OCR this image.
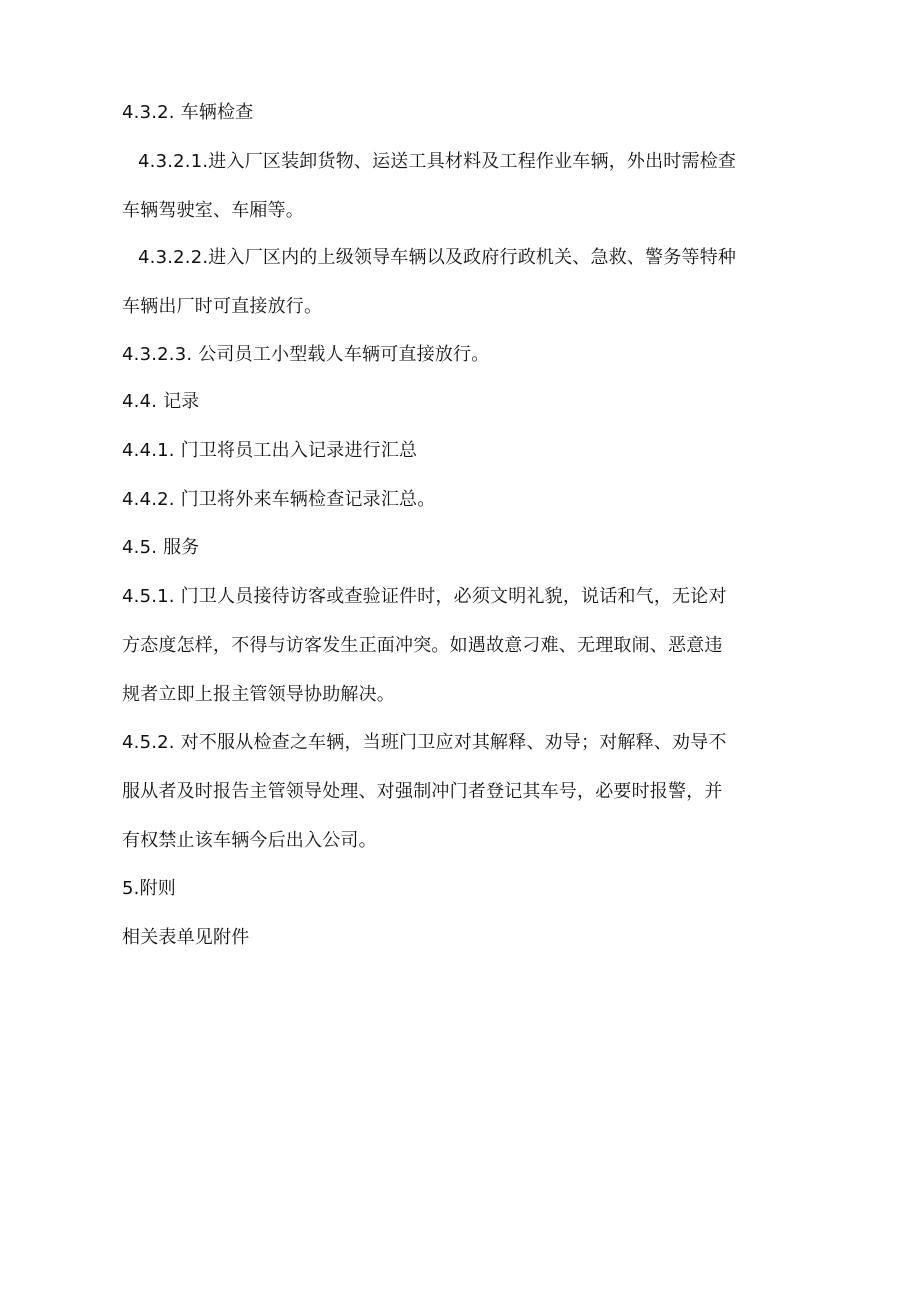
4.3.2. 车辆检查
4.3.2.1.进入厂区装卸货物、运送工具材料及工程作业车辆，外出时需检查
车辆驾驶室、车厢等。
4.3.2.2.进入厂区内的上级领导车辆以及政府行政机关、急救、警务等特种
车辆出厂时可直接放行。
4.3.2.3. 公司员工小型载人车辆可直接放行。
4.4. 记录
4.4.1. 门卫将员工出入记录进行汇总
4.4.2. 门卫将外来车辆检查记录汇总。
4.5. 服务
4.5.1. 门卫人员接待访客或查验证件时，必须文明礼貌，说话和气，无论对
方态度怎样，不得与访客发生正面冲突。如遇故意刁难、无理取闹、恶意违
规者立即上报主管领导协助解决。
4.5.2. 对不服从检查之车辆，当班门卫应对其解释、劝导；对解释、劝导不
服从者及时报告主管领导处理、对强制冲门者登记其车号，必要时报警，并
有权禁止该车辆今后出入公司。
5.附则
相关表单见附件
